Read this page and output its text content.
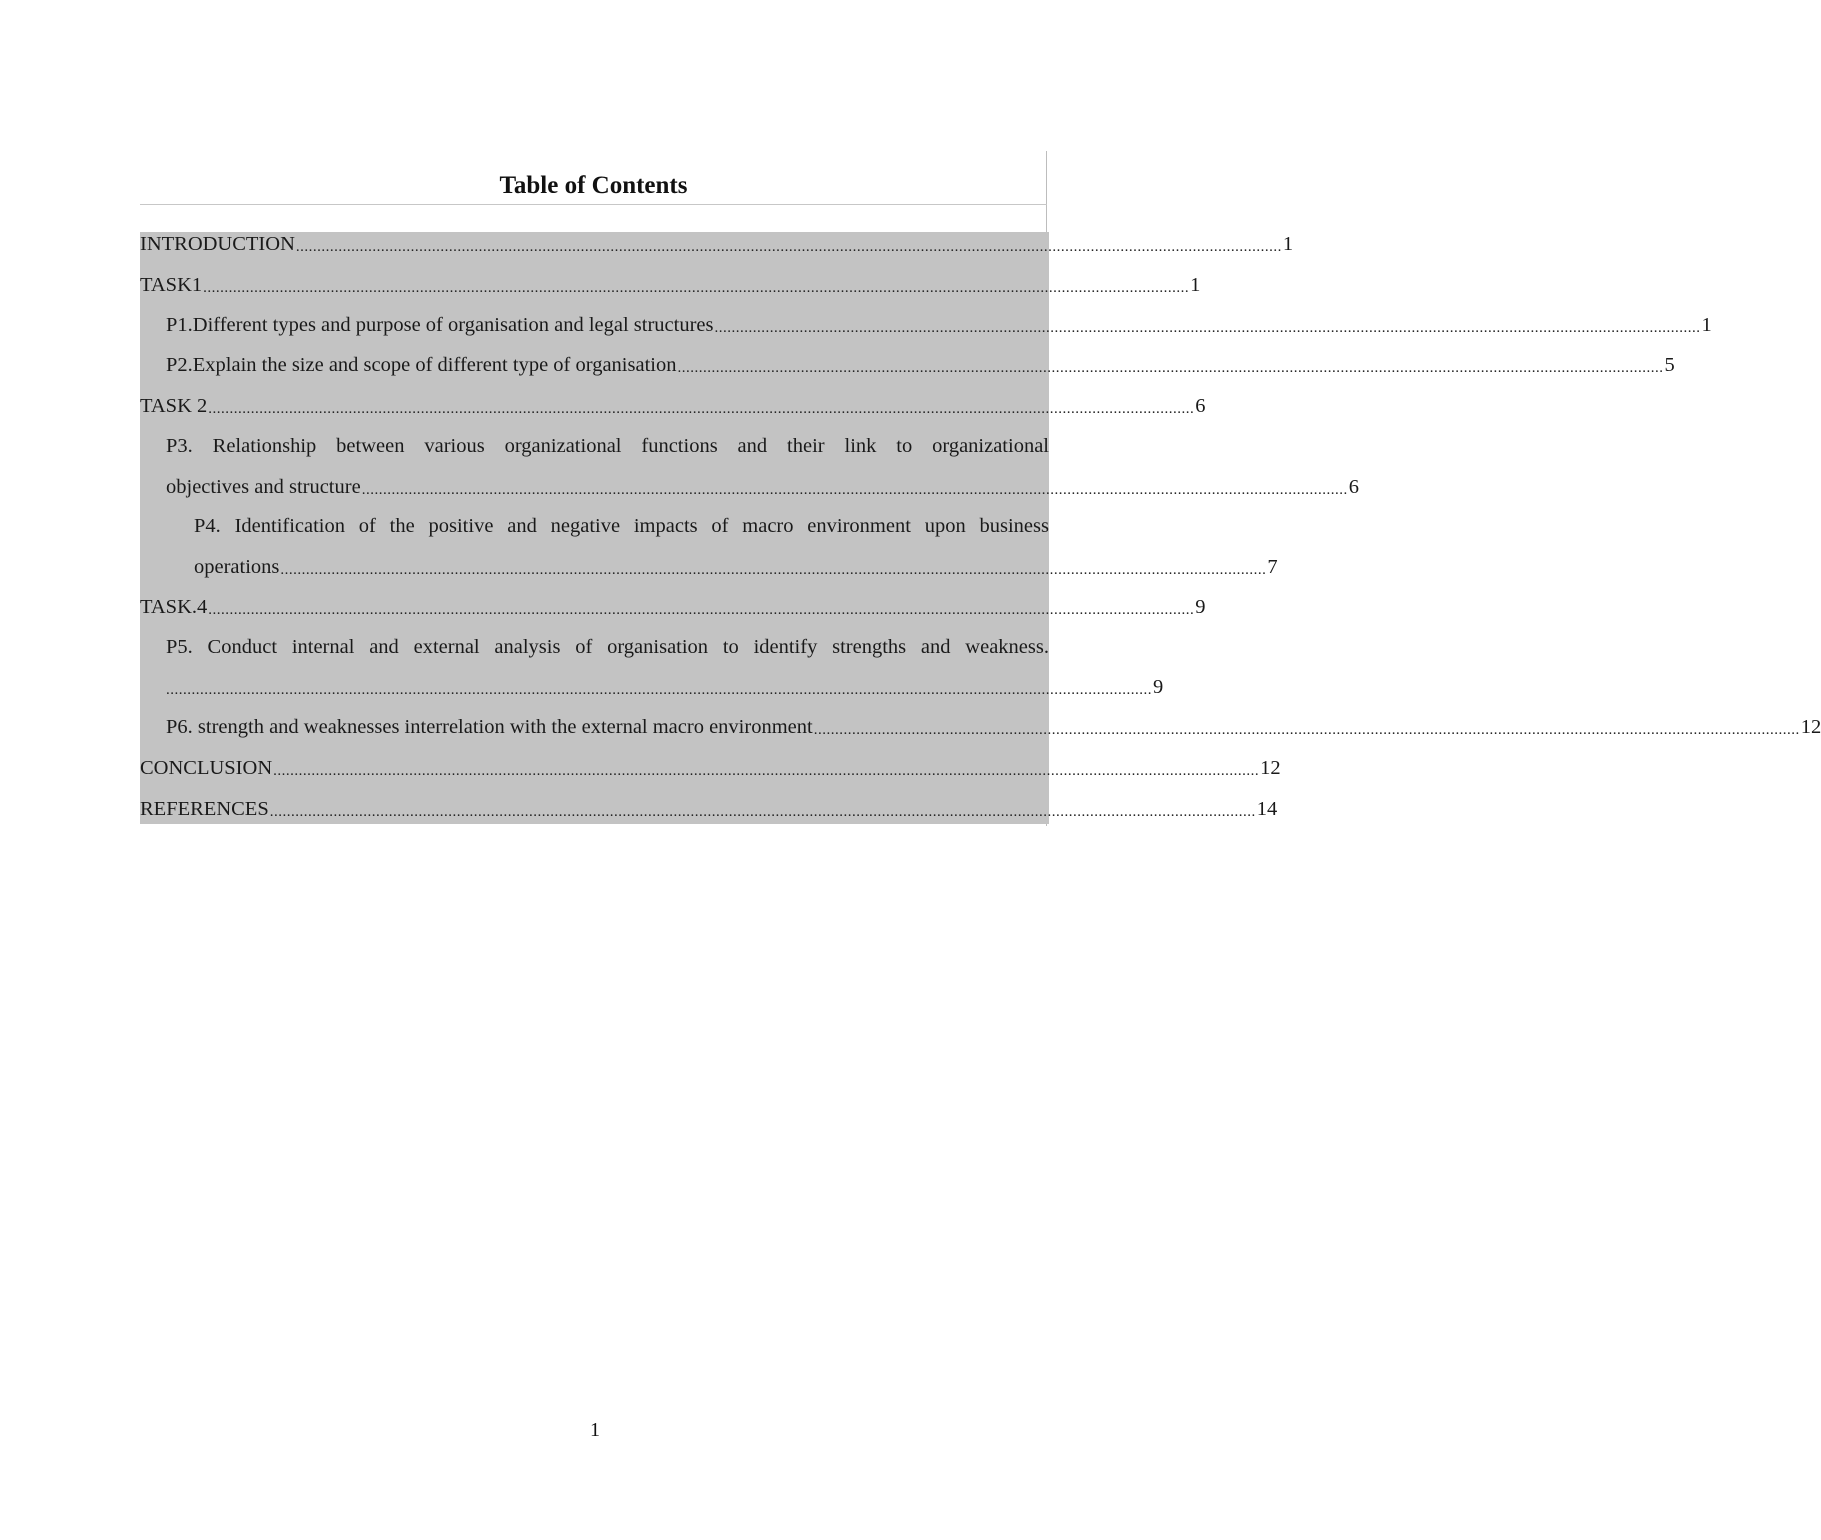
Table of Contents
INTRODUCTION ........................................................................................................................................................................................................................................ 1
TASK1 ........................................................................................................................................................................................................................................ 1
P1.Different types and purpose of organisation and legal structures ........................................................................................................................................................................................................................................ 1
P2.Explain the size and scope of different type of organisation ........................................................................................................................................................................................................................................ 5
TASK 2 ........................................................................................................................................................................................................................................ 6
P3. Relationship between various organizational functions and their link to organizational
objectives and structure ........................................................................................................................................................................................................................................ 6
P4. Identification of the positive and negative impacts of macro environment upon business
operations ........................................................................................................................................................................................................................................ 7
TASK.4 ........................................................................................................................................................................................................................................ 9
P5. Conduct internal and external analysis of organisation to identify strengths and weakness.
........................................................................................................................................................................................................................................ 9
P6. strength and weaknesses interrelation with the external macro environment ........................................................................................................................................................................................................................................ 12
CONCLUSION ........................................................................................................................................................................................................................................ 12
REFERENCES ........................................................................................................................................................................................................................................ 14
1
